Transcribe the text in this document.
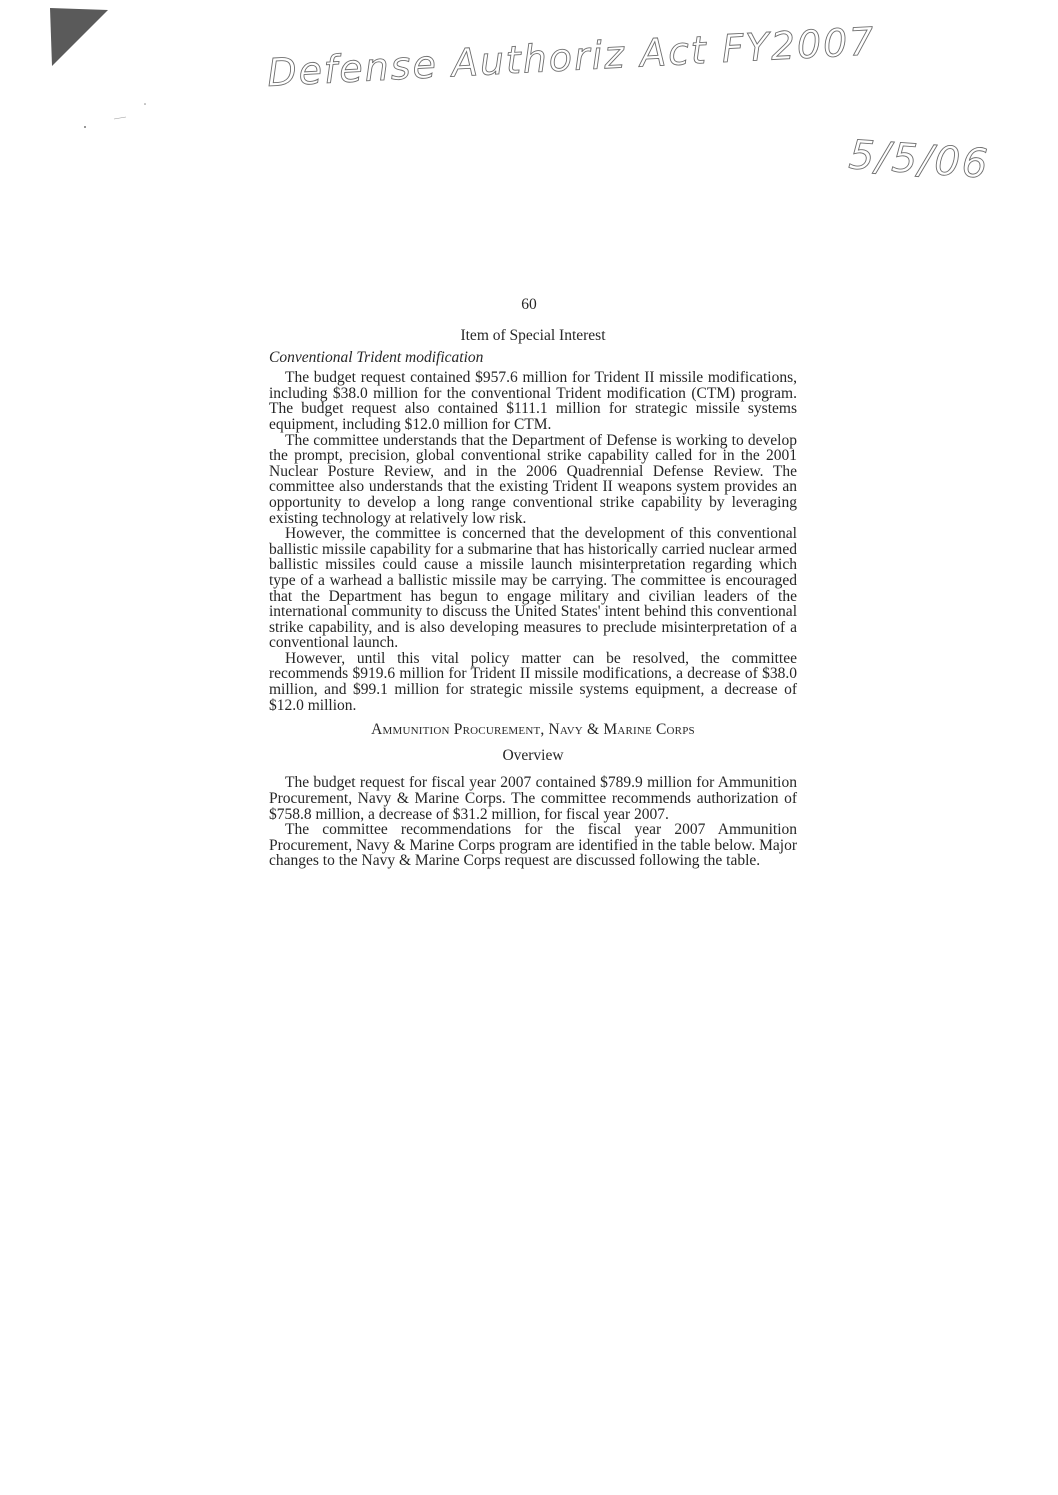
Defense Authoriz Act FY2007
5/5/06
60
Item of Special Interest
Conventional Trident modification

The budget request contained $957.6 million for Trident II missile modifications, including $38.0 million for the conventional Trident modification (CTM) program. The budget request also contained $111.1 million for strategic missile systems equipment, including $12.0 million for CTM.

The committee understands that the Department of Defense is working to develop the prompt, precision, global conventional strike capability called for in the 2001 Nuclear Posture Review, and in the 2006 Quadrennial Defense Review. The committee also understands that the existing Trident II weapons system provides an opportunity to develop a long range conventional strike capability by leveraging existing technology at relatively low risk.

However, the committee is concerned that the development of this conventional ballistic missile capability for a submarine that has historically carried nuclear armed ballistic missiles could cause a missile launch misinterpretation regarding which type of a warhead a ballistic missile may be carrying. The committee is encouraged that the Department has begun to engage military and civilian leaders of the international community to discuss the United States' intent behind this conventional strike capability, and is also developing measures to preclude misinterpretation of a conventional launch.

However, until this vital policy matter can be resolved, the committee recommends $919.6 million for Trident II missile modifications, a decrease of $38.0 million, and $99.1 million for strategic missile systems equipment, a decrease of $12.0 million.

Ammunition Procurement, Navy & Marine Corps
Overview

The budget request for fiscal year 2007 contained $789.9 million for Ammunition Procurement, Navy & Marine Corps. The committee recommends authorization of $758.8 million, a decrease of $31.2 million, for fiscal year 2007.

The committee recommendations for the fiscal year 2007 Ammunition Procurement, Navy & Marine Corps program are identified in the table below. Major changes to the Navy & Marine Corps request are discussed following the table.
